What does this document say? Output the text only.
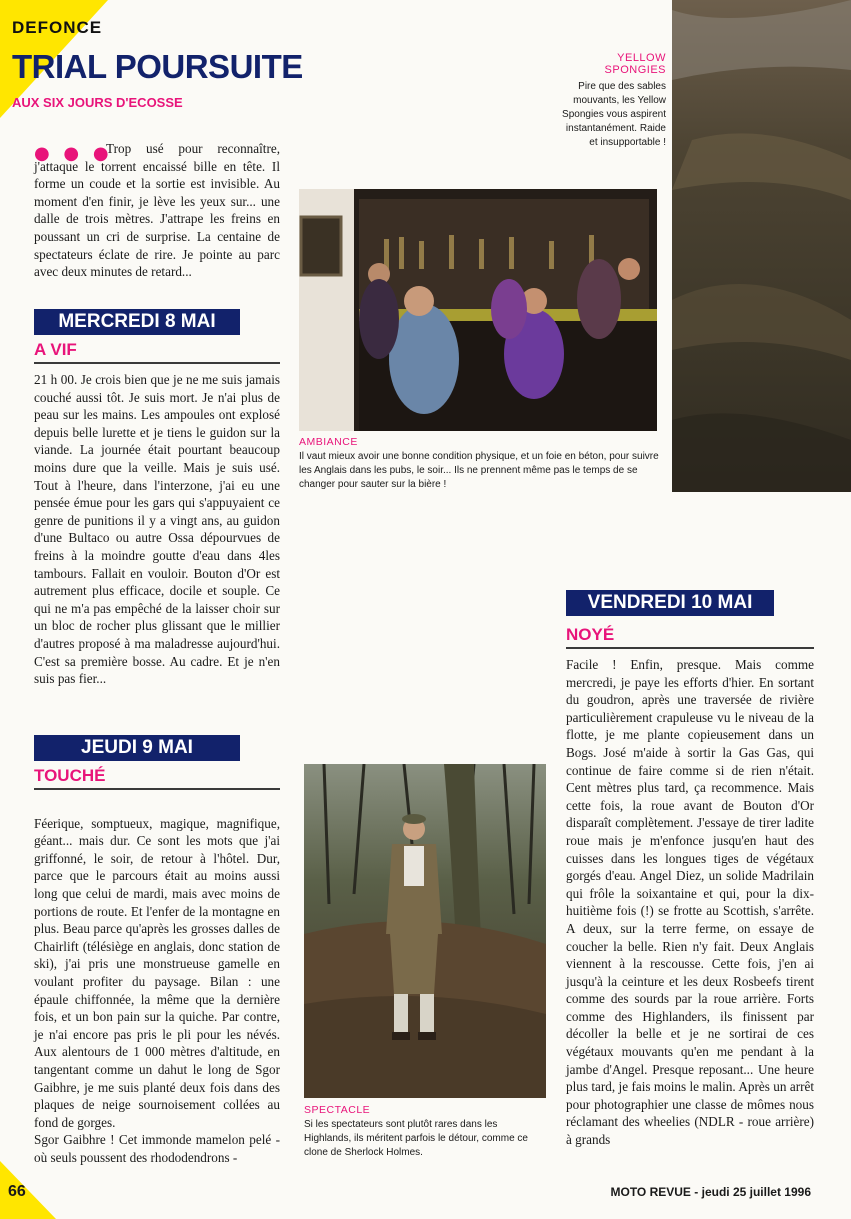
DEFONCE
TRIAL POURSUITE
AUX SIX JOURS D'ECOSSE
● ● ●

Trop usé pour reconnaître, j'attaque le torrent encaissé bille en tête. Il forme un coude et la sortie est invisible. Au moment d'en finir, je lève les yeux sur... une dalle de trois mètres. J'attrape les freins en poussant un cri de surprise. La centaine de spectateurs éclate de rire. Je pointe au parc avec deux minutes de retard...

MERCREDI 8 MAI
A VIF

21 h 00. Je crois bien que je ne me suis jamais couché aussi tôt. Je suis mort. Je n'ai plus de peau sur les mains. Les ampoules ont explosé depuis belle lurette et je tiens le guidon sur la viande. La journée était pourtant beaucoup moins dure que la veille. Mais je suis usé. Tout à l'heure, dans l'interzone, j'ai eu une pensée émue pour les gars qui s'appuyaient ce genre de punitions il y a vingt ans, au guidon d'une Bultaco ou autre Ossa dépourvues de freins à la moindre goutte d'eau dans 4les tambours. Fallait en vouloir. Bouton d'Or est autrement plus efficace, docile et souple. Ce qui ne m'a pas empêché de la laisser choir sur un bloc de rocher plus glissant que le millier d'autres proposé à ma maladresse aujourd'hui. C'est sa première bosse. Au cadre. Et je n'en suis pas fier...

JEUDI 9 MAI
TOUCHÉ

Féerique, somptueux, magique, magnifique, géant... mais dur. Ce sont les mots que j'ai griffonné, le soir, de retour à l'hôtel. Dur, parce que le parcours était au moins aussi long que celui de mardi, mais avec moins de portions de route. Et l'enfer de la montagne en plus. Beau parce qu'après les grosses dalles de Chairlift (télésiège en anglais, donc station de ski), j'ai pris une monstrueuse gamelle en voulant profiter du paysage. Bilan : une épaule chiffonnée, la même que la dernière fois, et un bon pain sur la quiche. Par contre, je n'ai encore pas pris le pli pour les névés. Aux alentours de 1 000 mètres d'altitude, en tangentant comme un dahut le long de Sgor Gaibhre, je me suis planté deux fois dans des plaques de neige sournoisement collées au fond de gorges.
Sgor Gaibhre ! Cet immonde mamelon pelé - où seuls poussent des rhododendrons -

YELLOW SPONGIES
Pire que des sables mouvants, les Yellow Spongies vous aspirent instantanément. Raide et insupportable !
AMBIANCE
Il vaut mieux avoir une bonne condition physique, et un foie en béton, pour suivre les Anglais dans les pubs, le soir... Ils ne prennent même pas le temps de se changer pour sauter sur la bière !

SPECTACLE
Si les spectateurs sont plutôt rares dans les Highlands, ils méritent parfois le détour, comme ce clone de Sherlock Holmes.

VENDREDI 10 MAI
NOYÉ

Facile ! Enfin, presque. Mais comme mercredi, je paye les efforts d'hier. En sortant du goudron, après une traversée de rivière particulièrement crapuleuse vu le niveau de la flotte, je me plante copieusement dans un Bogs. José m'aide à sortir la Gas Gas, qui continue de faire comme si de rien n'était. Cent mètres plus tard, ça recommence. Mais cette fois, la roue avant de Bouton d'Or disparaît complètement. J'essaye de tirer ladite roue mais je m'enfonce jusqu'en haut des cuisses dans les longues tiges de végétaux gorgés d'eau. Angel Diez, un solide Madrilain qui frôle la soixantaine et qui, pour la dix-huitième fois (!) se frotte au Scottish, s'arrête. A deux, sur la terre ferme, on essaye de coucher la belle. Rien n'y fait. Deux Anglais viennent à la rescousse. Cette fois, j'en ai jusqu'à la ceinture et les deux Rosbeefs tirent comme des sourds par la roue arrière. Forts comme des Highlanders, ils finissent par décoller la belle et je ne sortirai de ces végétaux mouvants qu'en me pendant à la jambe d'Angel. Presque reposant... Une heure plus tard, je fais moins le malin. Après un arrêt pour photographier une classe de mômes nous réclamant des wheelies (NDLR - roue arrière) à grands

66	MOTO REVUE - jeudi 25 juillet 1996
